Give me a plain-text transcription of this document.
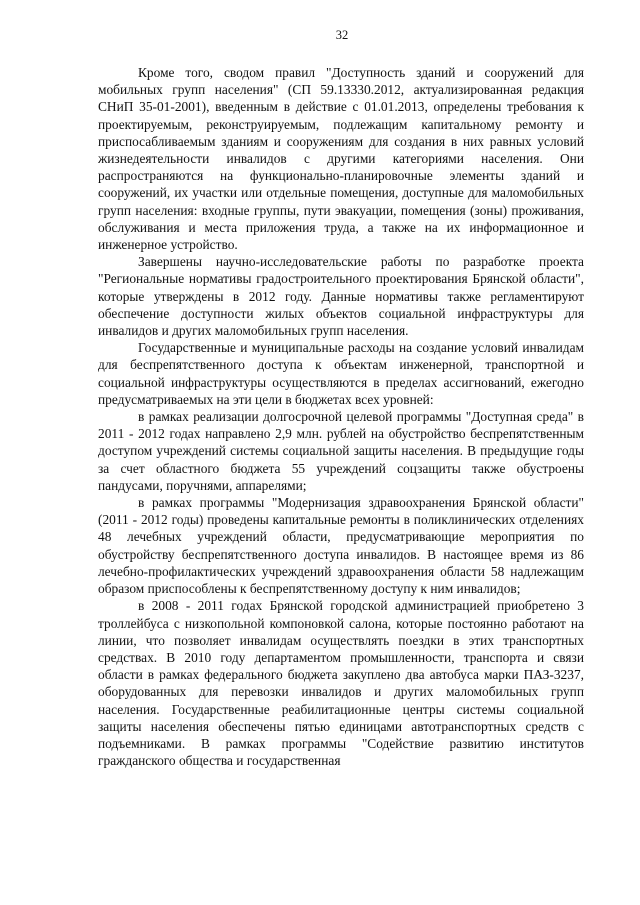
32

Кроме того, сводом правил "Доступность зданий и сооружений для мобильных групп населения" (СП 59.13330.2012, актуализированная редакция СНиП 35-01-2001), введенным в действие с 01.01.2013, определены требования к проектируемым, реконструируемым, подлежащим капитальному ремонту и приспосабливаемым зданиям и сооружениям для создания в них равных условий жизнедеятельности инвалидов с другими категориями населения. Они распространяются на функционально-планировочные элементы зданий и сооружений, их участки или отдельные помещения, доступные для маломобильных групп населения: входные группы, пути эвакуации, помещения (зоны) проживания, обслуживания и места приложения труда, а также на их информационное и инженерное устройство.

Завершены научно-исследовательские работы по разработке проекта "Региональные нормативы градостроительного проектирования Брянской области", которые утверждены в 2012 году. Данные нормативы также регламентируют обеспечение доступности жилых объектов социальной инфраструктуры для инвалидов и других маломобильных групп населения.

Государственные и муниципальные расходы на создание условий инвалидам для беспрепятственного доступа к объектам инженерной, транспортной и социальной инфраструктуры осуществляются в пределах ассигнований, ежегодно предусматриваемых на эти цели в бюджетах всех уровней:

в рамках реализации долгосрочной целевой программы "Доступная среда" в 2011 - 2012 годах направлено 2,9 млн. рублей на обустройство беспрепятственным доступом учреждений системы социальной защиты населения. В предыдущие годы за счет областного бюджета 55 учреждений соцзащиты также обустроены пандусами, поручнями, аппарелями;

в рамках программы "Модернизация здравоохранения Брянской области" (2011 - 2012 годы) проведены капитальные ремонты в поликлинических отделениях 48 лечебных учреждений области, предусматривающие мероприятия по обустройству беспрепятственного доступа инвалидов. В настоящее время из 86 лечебно-профилактических учреждений здравоохранения области 58 надлежащим образом приспособлены к беспрепятственному доступу к ним инвалидов;

в 2008 - 2011 годах Брянской городской администрацией приобретено 3 троллейбуса с низкопольной компоновкой салона, которые постоянно работают на линии, что позволяет инвалидам осуществлять поездки в этих транспортных средствах. В 2010 году департаментом промышленности, транспорта и связи области в рамках федерального бюджета закуплено два автобуса марки ПАЗ-3237, оборудованных для перевозки инвалидов и других маломобильных групп населения. Государственные реабилитационные центры системы социальной защиты населения обеспечены пятью единицами автотранспортных средств с подъемниками. В рамках программы "Содействие развитию институтов гражданского общества и государственная
